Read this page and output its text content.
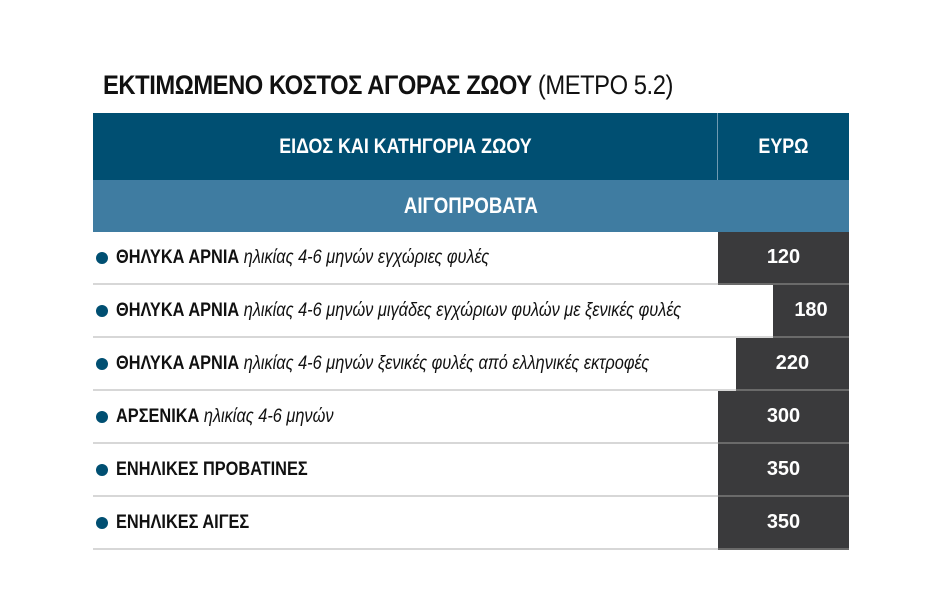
ΕΚΤΙΜΩΜΕΝΟ ΚΟΣΤΟΣ ΑΓΟΡΑΣ ΖΩΟΥ (ΜΕΤΡΟ 5.2)
ΕΙΔΟΣ ΚΑΙ ΚΑΤΗΓΟΡΙΑ ΖΩΟΥ	ΕΥΡΩ
ΑΙΓΟΠΡΟΒΑΤΑ
ΘΗΛΥΚΑ ΑΡΝΙΑ ηλικίας 4-6 μηνών εγχώριες φυλές	120
ΘΗΛΥΚΑ ΑΡΝΙΑ ηλικίας 4-6 μηνών μιγάδες εγχώριων φυλών με ξενικές φυλές	180
ΘΗΛΥΚΑ ΑΡΝΙΑ ηλικίας 4-6 μηνών ξενικές φυλές από ελληνικές εκτροφές	220
ΑΡΣΕΝΙΚΑ ηλικίας 4-6 μηνών	300
ΕΝΗΛΙΚΕΣ ΠΡΟΒΑΤΙΝΕΣ	350
ΕΝΗΛΙΚΕΣ ΑΙΓΕΣ	350
